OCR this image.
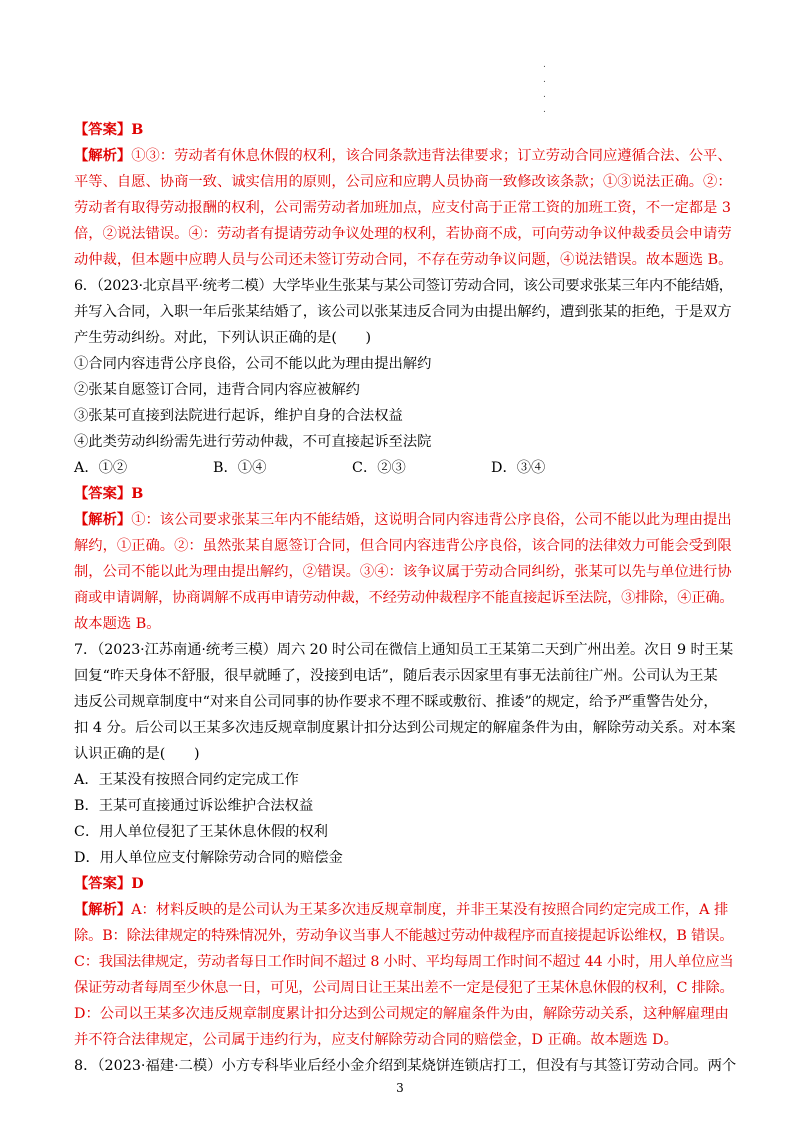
.
.
.
.
【答案】B
【解析】①③：劳动者有休息休假的权利，该合同条款违背法律要求；订立劳动合同应遵循合法、公平、
平等、自愿、协商一致、诚实信用的原则，公司应和应聘人员协商一致修改该条款；①③说法正确。②：
劳动者有取得劳动报酬的权利，公司需劳动者加班加点，应支付高于正常工资的加班工资，不一定都是 3
倍，②说法错误。④：劳动者有提请劳动争议处理的权利，若协商不成，可向劳动争议仲裁委员会申请劳
动仲裁，但本题中应聘人员与公司还未签订劳动合同，不存在劳动争议问题，④说法错误。故本题选 B。
6．（2023·北京昌平·统考二模）大学毕业生张某与某公司签订劳动合同，该公司要求张某三年内不能结婚，
并写入合同，入职一年后张某结婚了，该公司以张某违反合同为由提出解约，遭到张某的拒绝，于是双方
产生劳动纠纷。对此，下列认识正确的是(　　)
①合同内容违背公序良俗，公司不能以此为理由提出解约
②张某自愿签订合同，违背合同内容应被解约
③张某可直接到法院进行起诉，维护自身的合法权益
④此类劳动纠纷需先进行劳动仲裁，不可直接起诉至法院
A．①②	B．①④	C．②③	D．③④
【答案】B
【解析】①：该公司要求张某三年内不能结婚，这说明合同内容违背公序良俗，公司不能以此为理由提出
解约，①正确。②：虽然张某自愿签订合同，但合同内容违背公序良俗，该合同的法律效力可能会受到限
制，公司不能以此为理由提出解约，②错误。③④：该争议属于劳动合同纠纷，张某可以先与单位进行协
商或申请调解，协商调解不成再申请劳动仲裁，不经劳动仲裁程序不能直接起诉至法院，③排除，④正确。
故本题选 B。
7．（2023·江苏南通·统考三模）周六 20 时公司在微信上通知员工王某第二天到广州出差。次日 9 时王某
回复“昨天身体不舒服，很早就睡了，没接到电话”，随后表示因家里有事无法前往广州。公司认为王某
违反公司规章制度中“对来自公司同事的协作要求不理不睬或敷衍、推诿”的规定，给予严重警告处分，
扣 4 分。后公司以王某多次违反规章制度累计扣分达到公司规定的解雇条件为由，解除劳动关系。对本案
认识正确的是(　　)
A．王某没有按照合同约定完成工作
B．王某可直接通过诉讼维护合法权益
C．用人单位侵犯了王某休息休假的权利
D．用人单位应支付解除劳动合同的赔偿金
【答案】D
【解析】A：材料反映的是公司认为王某多次违反规章制度，并非王某没有按照合同约定完成工作，A 排
除。B：除法律规定的特殊情况外，劳动争议当事人不能越过劳动仲裁程序而直接提起诉讼维权，B 错误。
C：我国法律规定，劳动者每日工作时间不超过 8 小时、平均每周工作时间不超过 44 小时，用人单位应当
保证劳动者每周至少休息一日，可见，公司周日让王某出差不一定是侵犯了王某休息休假的权利，C 排除。
D：公司以王某多次违反规章制度累计扣分达到公司规定的解雇条件为由，解除劳动关系，这种解雇理由
并不符合法律规定，公司属于违约行为，应支付解除劳动合同的赔偿金，D 正确。故本题选 D。
8．（2023·福建·二模）小方专科毕业后经小金介绍到某烧饼连锁店打工，但没有与其签订劳动合同。两个
3
